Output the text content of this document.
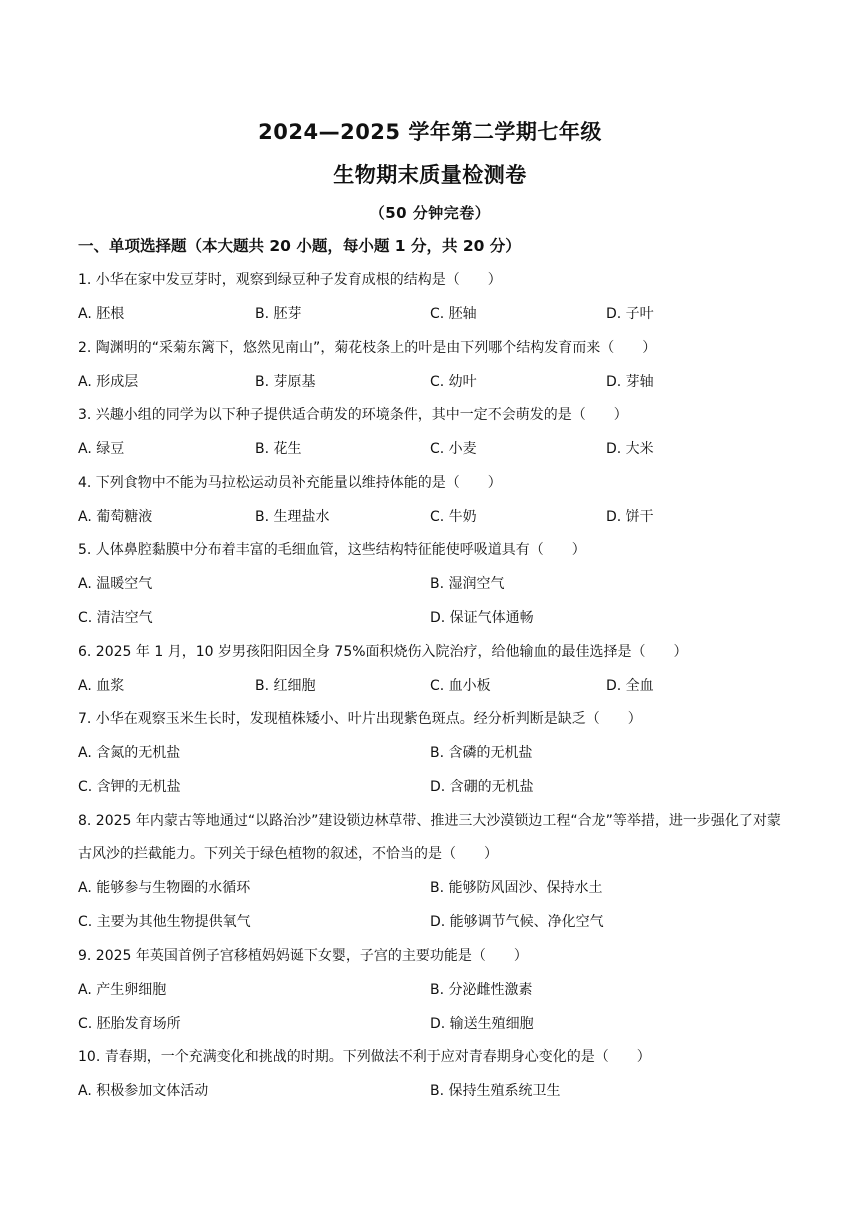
2024—2025 学年第二学期七年级
生物期末质量检测卷
（50 分钟完卷）
一、单项选择题（本大题共 20 小题，每小题 1 分，共 20 分）
1. 小华在家中发豆芽时，观察到绿豆种子发育成根的结构是（　　）
A. 胚根	B. 胚芽	C. 胚轴	D. 子叶
2. 陶渊明的“采菊东篱下，悠然见南山”，菊花枝条上的叶是由下列哪个结构发育而来（　　）
A. 形成层	B. 芽原基	C. 幼叶	D. 芽轴
3. 兴趣小组的同学为以下种子提供适合萌发的环境条件，其中一定不会萌发的是（　　）
A. 绿豆	B. 花生	C. 小麦	D. 大米
4. 下列食物中不能为马拉松运动员补充能量以维持体能的是（　　）
A. 葡萄糖液	B. 生理盐水	C. 牛奶	D. 饼干
5. 人体鼻腔黏膜中分布着丰富的毛细血管，这些结构特征能使呼吸道具有（　　）
A. 温暖空气	B. 湿润空气
C. 清洁空气	D. 保证气体通畅
6. 2025 年 1 月，10 岁男孩阳阳因全身 75%面积烧伤入院治疗，给他输血的最佳选择是（　　）
A. 血浆	B. 红细胞	C. 血小板	D. 全血
7. 小华在观察玉米生长时，发现植株矮小、叶片出现紫色斑点。经分析判断是缺乏（　　）
A. 含氮的无机盐	B. 含磷的无机盐
C. 含钾的无机盐	D. 含硼的无机盐
8. 2025 年内蒙古等地通过“以路治沙”建设锁边林草带、推进三大沙漠锁边工程“合龙”等举措，进一步强化了对蒙古风沙的拦截能力。下列关于绿色植物的叙述，不恰当的是（　　）
A. 能够参与生物圈的水循环	B. 能够防风固沙、保持水土
C. 主要为其他生物提供氧气	D. 能够调节气候、净化空气
9. 2025 年英国首例子宫移植妈妈诞下女婴，子宫的主要功能是（　　）
A. 产生卵细胞	B. 分泌雌性激素
C. 胚胎发育场所	D. 输送生殖细胞
10. 青春期，一个充满变化和挑战的时期。下列做法不利于应对青春期身心变化的是（　　）
A. 积极参加文体活动	B. 保持生殖系统卫生
